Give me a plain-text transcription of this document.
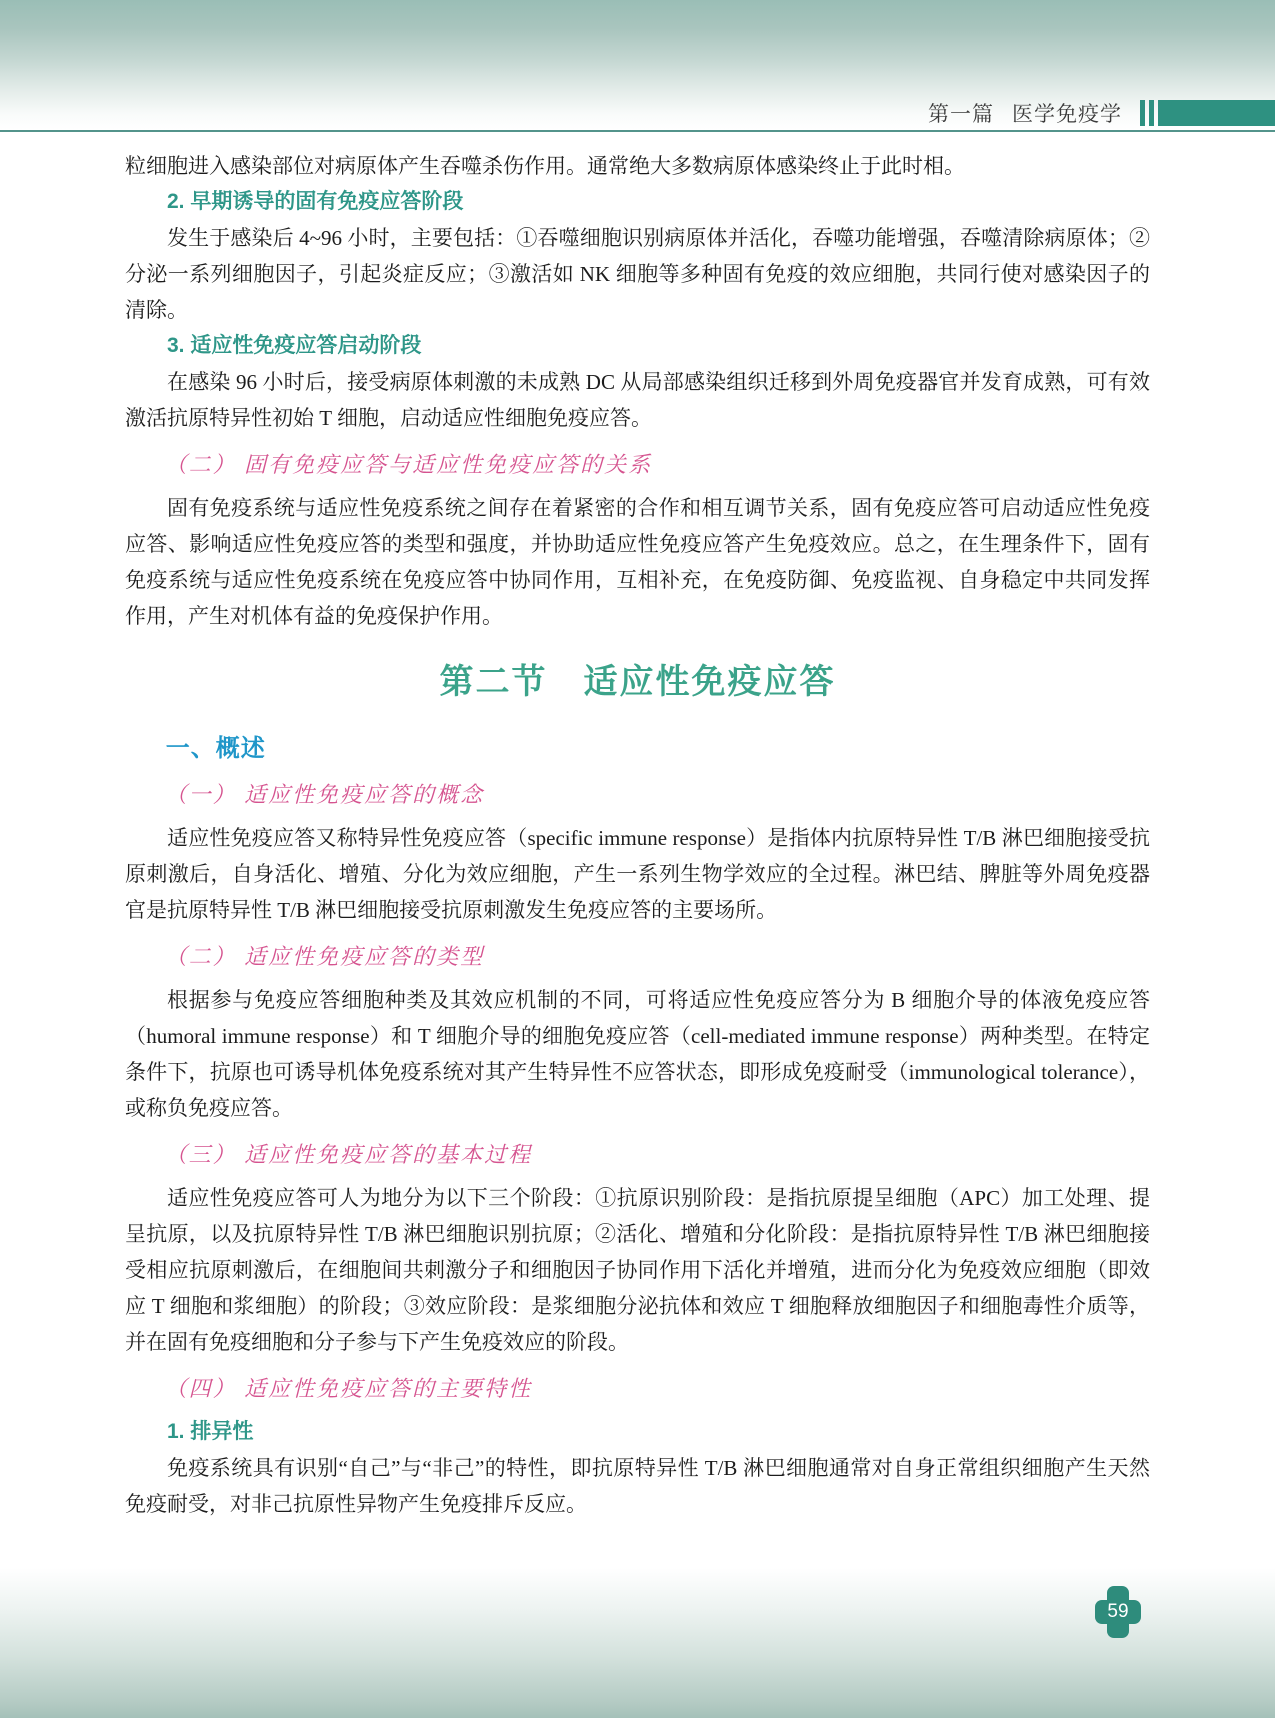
第一篇 医学免疫学

粒细胞进入感染部位对病原体产生吞噬杀伤作用。通常绝大多数病原体感染终止于此时相。

2. 早期诱导的固有免疫应答阶段

发生于感染后 4~96 小时，主要包括：①吞噬细胞识别病原体并活化，吞噬功能增强，吞噬清除病原体；②分泌一系列细胞因子，引起炎症反应；③激活如 NK 细胞等多种固有免疫的效应细胞，共同行使对感染因子的清除。

3. 适应性免疫应答启动阶段

在感染 96 小时后，接受病原体刺激的未成熟 DC 从局部感染组织迁移到外周免疫器官并发育成熟，可有效激活抗原特异性初始 T 细胞，启动适应性细胞免疫应答。

（二） 固有免疫应答与适应性免疫应答的关系

固有免疫系统与适应性免疫系统之间存在着紧密的合作和相互调节关系，固有免疫应答可启动适应性免疫应答、影响适应性免疫应答的类型和强度，并协助适应性免疫应答产生免疫效应。总之，在生理条件下，固有免疫系统与适应性免疫系统在免疫应答中协同作用，互相补充，在免疫防御、免疫监视、自身稳定中共同发挥作用，产生对机体有益的免疫保护作用。

第二节 适应性免疫应答

一、概述

（一） 适应性免疫应答的概念

适应性免疫应答又称特异性免疫应答（specific immune response）是指体内抗原特异性 T/B 淋巴细胞接受抗原刺激后，自身活化、增殖、分化为效应细胞，产生一系列生物学效应的全过程。淋巴结、脾脏等外周免疫器官是抗原特异性 T/B 淋巴细胞接受抗原刺激发生免疫应答的主要场所。

（二） 适应性免疫应答的类型

根据参与免疫应答细胞种类及其效应机制的不同，可将适应性免疫应答分为 B 细胞介导的体液免疫应答（humoral immune response）和 T 细胞介导的细胞免疫应答（cell-mediated immune response）两种类型。在特定条件下，抗原也可诱导机体免疫系统对其产生特异性不应答状态，即形成免疫耐受（immunological tolerance），或称负免疫应答。

（三） 适应性免疫应答的基本过程

适应性免疫应答可人为地分为以下三个阶段：①抗原识别阶段：是指抗原提呈细胞（APC）加工处理、提呈抗原，以及抗原特异性 T/B 淋巴细胞识别抗原；②活化、增殖和分化阶段：是指抗原特异性 T/B 淋巴细胞接受相应抗原刺激后，在细胞间共刺激分子和细胞因子协同作用下活化并增殖，进而分化为免疫效应细胞（即效应 T 细胞和浆细胞）的阶段；③效应阶段：是浆细胞分泌抗体和效应 T 细胞释放细胞因子和细胞毒性介质等，并在固有免疫细胞和分子参与下产生免疫效应的阶段。

（四） 适应性免疫应答的主要特性

1. 排异性

免疫系统具有识别“自己”与“非己”的特性，即抗原特异性 T/B 淋巴细胞通常对自身正常组织细胞产生天然免疫耐受，对非己抗原性异物产生免疫排斥反应。

59
